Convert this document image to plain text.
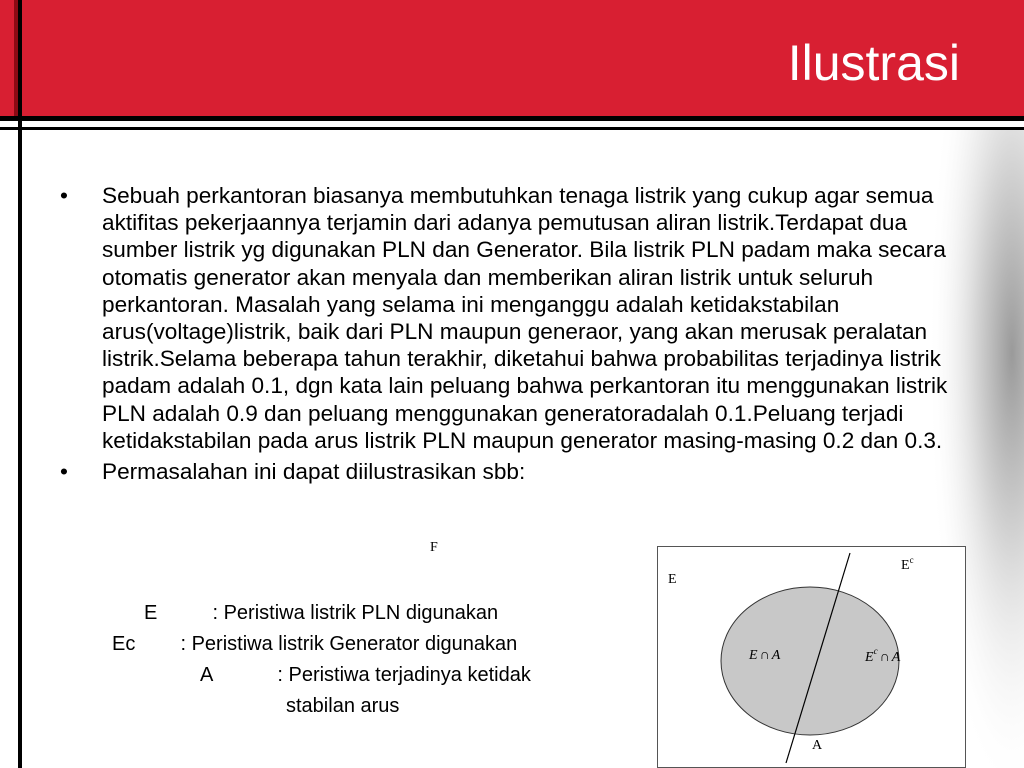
Ilustrasi
• Sebuah perkantoran biasanya membutuhkan tenaga listrik yang cukup agar semua aktifitas pekerjaannya terjamin dari adanya pemutusan aliran listrik.Terdapat dua sumber listrik yg digunakan PLN dan Generator. Bila listrik PLN padam maka secara otomatis generator akan menyala dan memberikan aliran listrik untuk seluruh perkantoran. Masalah yang selama ini menganggu adalah ketidakstabilan arus(voltage)listrik, baik dari PLN maupun generaor, yang akan merusak peralatan listrik.Selama beberapa tahun terakhir, diketahui bahwa probabilitas terjadinya listrik padam adalah 0.1, dgn kata lain peluang bahwa perkantoran itu menggunakan listrik PLN adalah 0.9 dan peluang menggunakan generatoradalah 0.1.Peluang terjadi ketidakstabilan pada arus listrik PLN maupun generator masing-masing 0.2 dan 0.3.
• Permasalahan ini dapat diilustrasikan sbb:
F
E	: Peristiwa listrik PLN digunakan
Ec : Peristiwa listrik Generator digunakan
A	: Peristiwa terjadinya ketidak
stabilan arus
E
$E^c$
A
E ∩ A	$E^c$ ∩ A
